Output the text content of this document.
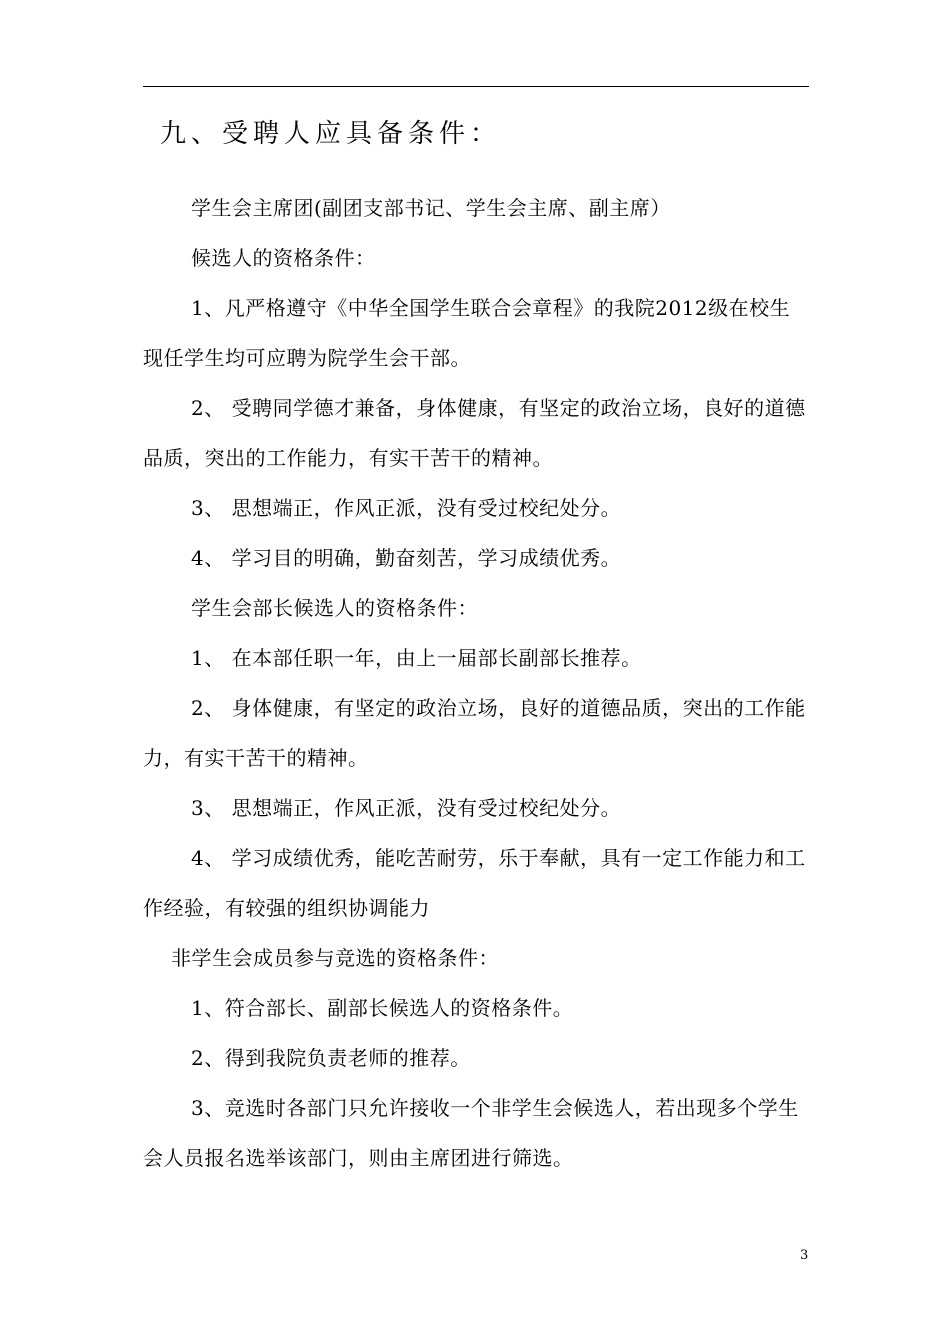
九、受聘人应具备条件：

学生会主席团(副团支部书记、学生会主席、副主席）

候选人的资格条件：

1、凡严格遵守《中华全国学生联合会章程》的我院2012级在校生现任学生均可应聘为院学生会干部。

2、 受聘同学德才兼备，身体健康，有坚定的政治立场，良好的道德品质，突出的工作能力，有实干苦干的精神。

3、 思想端正，作风正派，没有受过校纪处分。

4、 学习目的明确，勤奋刻苦，学习成绩优秀。

学生会部长候选人的资格条件：

1、 在本部任职一年，由上一届部长副部长推荐。

2、 身体健康，有坚定的政治立场，良好的道德品质，突出的工作能力，有实干苦干的精神。

3、 思想端正，作风正派，没有受过校纪处分。

4、 学习成绩优秀，能吃苦耐劳，乐于奉献，具有一定工作能力和工作经验，有较强的组织协调能力

非学生会成员参与竞选的资格条件：

1、符合部长、副部长候选人的资格条件。

2、得到我院负责老师的推荐。

3、竞选时各部门只允许接收一个非学生会候选人，若出现多个学生会人员报名选举该部门，则由主席团进行筛选。

3
